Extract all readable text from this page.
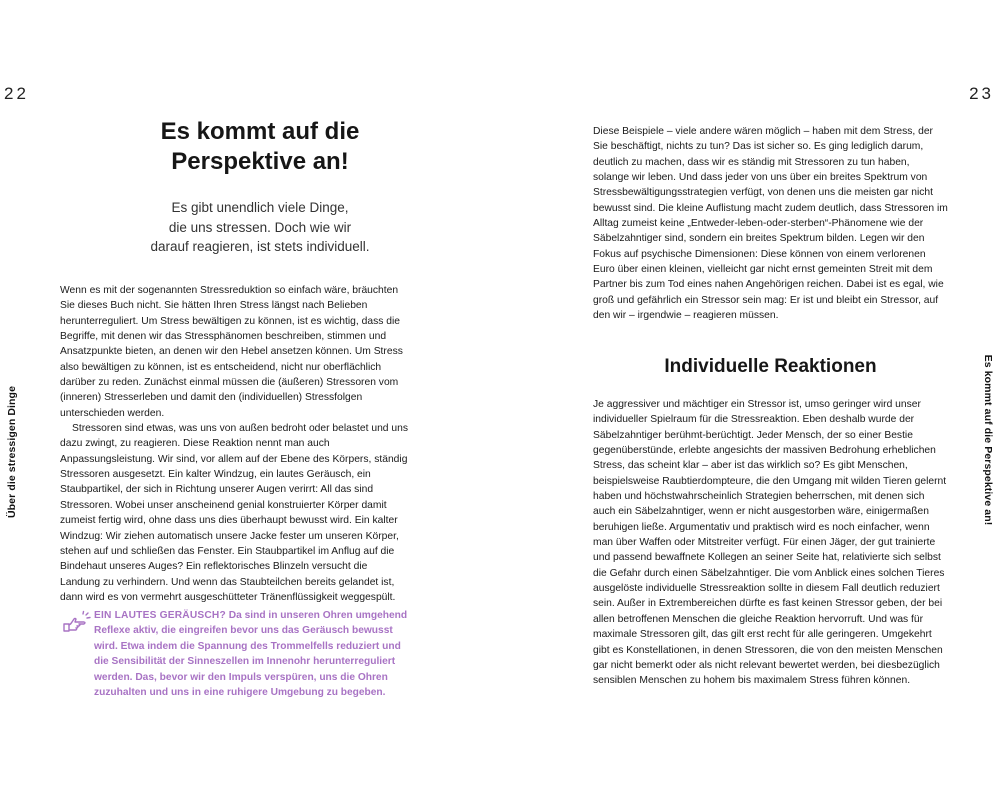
22	23
Über die stressigen Dinge	Es kommt auf die Perspektive an!
Es kommt auf die
Perspektive an!

Es gibt unendlich viele Dinge,
die uns stressen. Doch wie wir
darauf reagieren, ist stets individuell.

Wenn es mit der sogenannten Stressreduktion so einfach wäre, bräuchten Sie dieses Buch nicht. Sie hätten Ihren Stress längst nach Belieben herunterreguliert. Um Stress bewältigen zu können, ist es wichtig, dass die Begriffe, mit denen wir das Stressphänomen beschreiben, stimmen und Ansatzpunkte bieten, an denen wir den Hebel ansetzen können. Um Stress also bewältigen zu können, ist es entscheidend, nicht nur oberflächlich darüber zu reden. Zunächst einmal müssen die (äußeren) Stressoren vom (inneren) Stresserleben und damit den (individuellen) Stressfolgen unterschieden werden.

Stressoren sind etwas, was uns von außen bedroht oder belastet und uns dazu zwingt, zu reagieren. Diese Reaktion nennt man auch Anpassungsleistung. Wir sind, vor allem auf der Ebene des Körpers, ständig Stressoren ausgesetzt. Ein kalter Windzug, ein lautes Geräusch, ein Staubpartikel, der sich in Richtung unserer Augen verirrt: All das sind Stressoren. Wobei unser anscheinend genial konstruierter Körper damit zumeist fertig wird, ohne dass uns dies überhaupt bewusst wird. Ein kalter Windzug: Wir ziehen automatisch unsere Jacke fester um unseren Körper, stehen auf und schließen das Fenster. Ein Staubpartikel im Anflug auf die Bindehaut unseres Auges? Ein reflektorisches Blinzeln versucht die Landung zu verhindern. Und wenn das Staubteilchen bereits gelandet ist, dann wird es von vermehrt ausgeschütteter Tränenflüssigkeit weggespült.

EIN LAUTES GERÄUSCH? Da sind in unseren Ohren umgehend Reflexe aktiv, die eingreifen bevor uns das Geräusch bewusst wird. Etwa indem die Spannung des Trommelfells reduziert und die Sensibilität der Sinneszellen im Innenohr herunterreguliert werden. Das, bevor wir den Impuls verspüren, uns die Ohren zuzuhalten und uns in eine ruhigere Umgebung zu begeben.

Diese Beispiele – viele andere wären möglich – haben mit dem Stress, der Sie beschäftigt, nichts zu tun? Das ist sicher so. Es ging lediglich darum, deutlich zu machen, dass wir es ständig mit Stressoren zu tun haben, solange wir leben. Und dass jeder von uns über ein breites Spektrum von Stressbewältigungsstrategien verfügt, von denen uns die meisten gar nicht bewusst sind. Die kleine Auflistung macht zudem deutlich, dass Stressoren im Alltag zumeist keine „Entweder-leben-oder-sterben“-Phänomene wie der Säbelzahntiger sind, sondern ein breites Spektrum bilden. Legen wir den Fokus auf psychische Dimensionen: Diese können von einem verlorenen Euro über einen kleinen, vielleicht gar nicht ernst gemeinten Streit mit dem Partner bis zum Tod eines nahen Angehörigen reichen. Dabei ist es egal, wie groß und gefährlich ein Stressor sein mag: Er ist und bleibt ein Stressor, auf den wir – irgendwie – reagieren müssen.

Individuelle Reaktionen

Je aggressiver und mächtiger ein Stressor ist, umso geringer wird unser individueller Spielraum für die Stressreaktion. Eben deshalb wurde der Säbelzahntiger berühmt-berüchtigt. Jeder Mensch, der so einer Bestie gegenüberstünde, erlebte angesichts der massiven Bedrohung erheblichen Stress, das scheint klar – aber ist das wirklich so? Es gibt Menschen, beispielsweise Raubtierdompteure, die den Umgang mit wilden Tieren gelernt haben und höchstwahrscheinlich Strategien beherrschen, mit denen sich auch ein Säbelzahntiger, wenn er nicht ausgestorben wäre, einigermaßen beruhigen ließe. Argumentativ und praktisch wird es noch einfacher, wenn man über Waffen oder Mitstreiter verfügt. Für einen Jäger, der gut trainierte und passend bewaffnete Kollegen an seiner Seite hat, relativierte sich selbst die Gefahr durch einen Säbelzahntiger. Die vom Anblick eines solchen Tieres ausgelöste individuelle Stressreaktion sollte in diesem Fall deutlich reduziert sein. Außer in Extrembereichen dürfte es fast keinen Stressor geben, der bei allen betroffenen Menschen die gleiche Reaktion hervorruft. Und was für maximale Stressoren gilt, das gilt erst recht für alle geringeren. Umgekehrt gibt es Konstellationen, in denen Stressoren, die von den meisten Menschen gar nicht bemerkt oder als nicht relevant bewertet werden, bei diesbezüglich sensiblen Menschen zu hohem bis maximalem Stress führen können.
